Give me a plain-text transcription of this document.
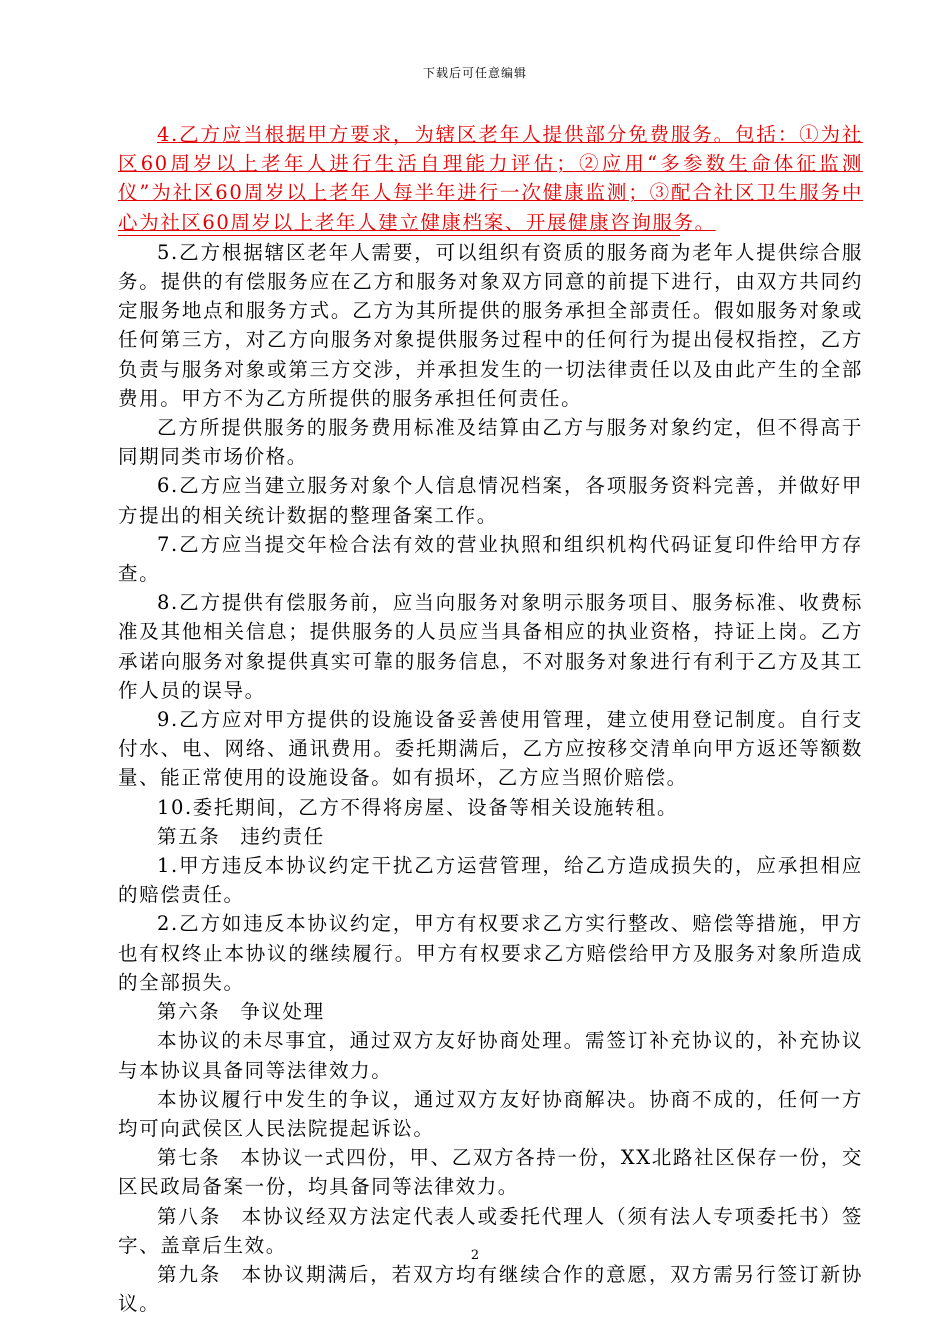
下载后可任意编辑

4.乙方应当根据甲方要求，为辖区老年人提供部分免费服务。包括：①为社区60周岁以上老年人进行生活自理能力评估；②应用“多参数生命体征监测仪”为社区60周岁以上老年人每半年进行一次健康监测；③配合社区卫生服务中心为社区60周岁以上老年人建立健康档案、开展健康咨询服务。

5.乙方根据辖区老年人需要，可以组织有资质的服务商为老年人提供综合服务。提供的有偿服务应在乙方和服务对象双方同意的前提下进行，由双方共同约定服务地点和服务方式。乙方为其所提供的服务承担全部责任。假如服务对象或任何第三方，对乙方向服务对象提供服务过程中的任何行为提出侵权指控，乙方负责与服务对象或第三方交涉，并承担发生的一切法律责任以及由此产生的全部费用。甲方不为乙方所提供的服务承担任何责任。

乙方所提供服务的服务费用标准及结算由乙方与服务对象约定，但不得高于同期同类市场价格。

6.乙方应当建立服务对象个人信息情况档案，各项服务资料完善，并做好甲方提出的相关统计数据的整理备案工作。

7.乙方应当提交年检合法有效的营业执照和组织机构代码证复印件给甲方存查。

8.乙方提供有偿服务前，应当向服务对象明示服务项目、服务标准、收费标准及其他相关信息；提供服务的人员应当具备相应的执业资格，持证上岗。乙方承诺向服务对象提供真实可靠的服务信息，不对服务对象进行有利于乙方及其工作人员的误导。

9.乙方应对甲方提供的设施设备妥善使用管理，建立使用登记制度。自行支付水、电、网络、通讯费用。委托期满后，乙方应按移交清单向甲方返还等额数量、能正常使用的设施设备。如有损坏，乙方应当照价赔偿。

10.委托期间，乙方不得将房屋、设备等相关设施转租。

第五条 违约责任

1.甲方违反本协议约定干扰乙方运营管理，给乙方造成损失的，应承担相应的赔偿责任。

2.乙方如违反本协议约定，甲方有权要求乙方实行整改、赔偿等措施，甲方也有权终止本协议的继续履行。甲方有权要求乙方赔偿给甲方及服务对象所造成的全部损失。

第六条 争议处理

本协议的未尽事宜，通过双方友好协商处理。需签订补充协议的，补充协议与本协议具备同等法律效力。

本协议履行中发生的争议，通过双方友好协商解决。协商不成的，任何一方均可向武侯区人民法院提起诉讼。

第七条 本协议一式四份，甲、乙双方各持一份，XX北路社区保存一份，交区民政局备案一份，均具备同等法律效力。

第八条 本协议经双方法定代表人或委托代理人（须有法人专项委托书）签字、盖章后生效。

第九条 本协议期满后，若双方均有继续合作的意愿，双方需另行签订新协议。

2
